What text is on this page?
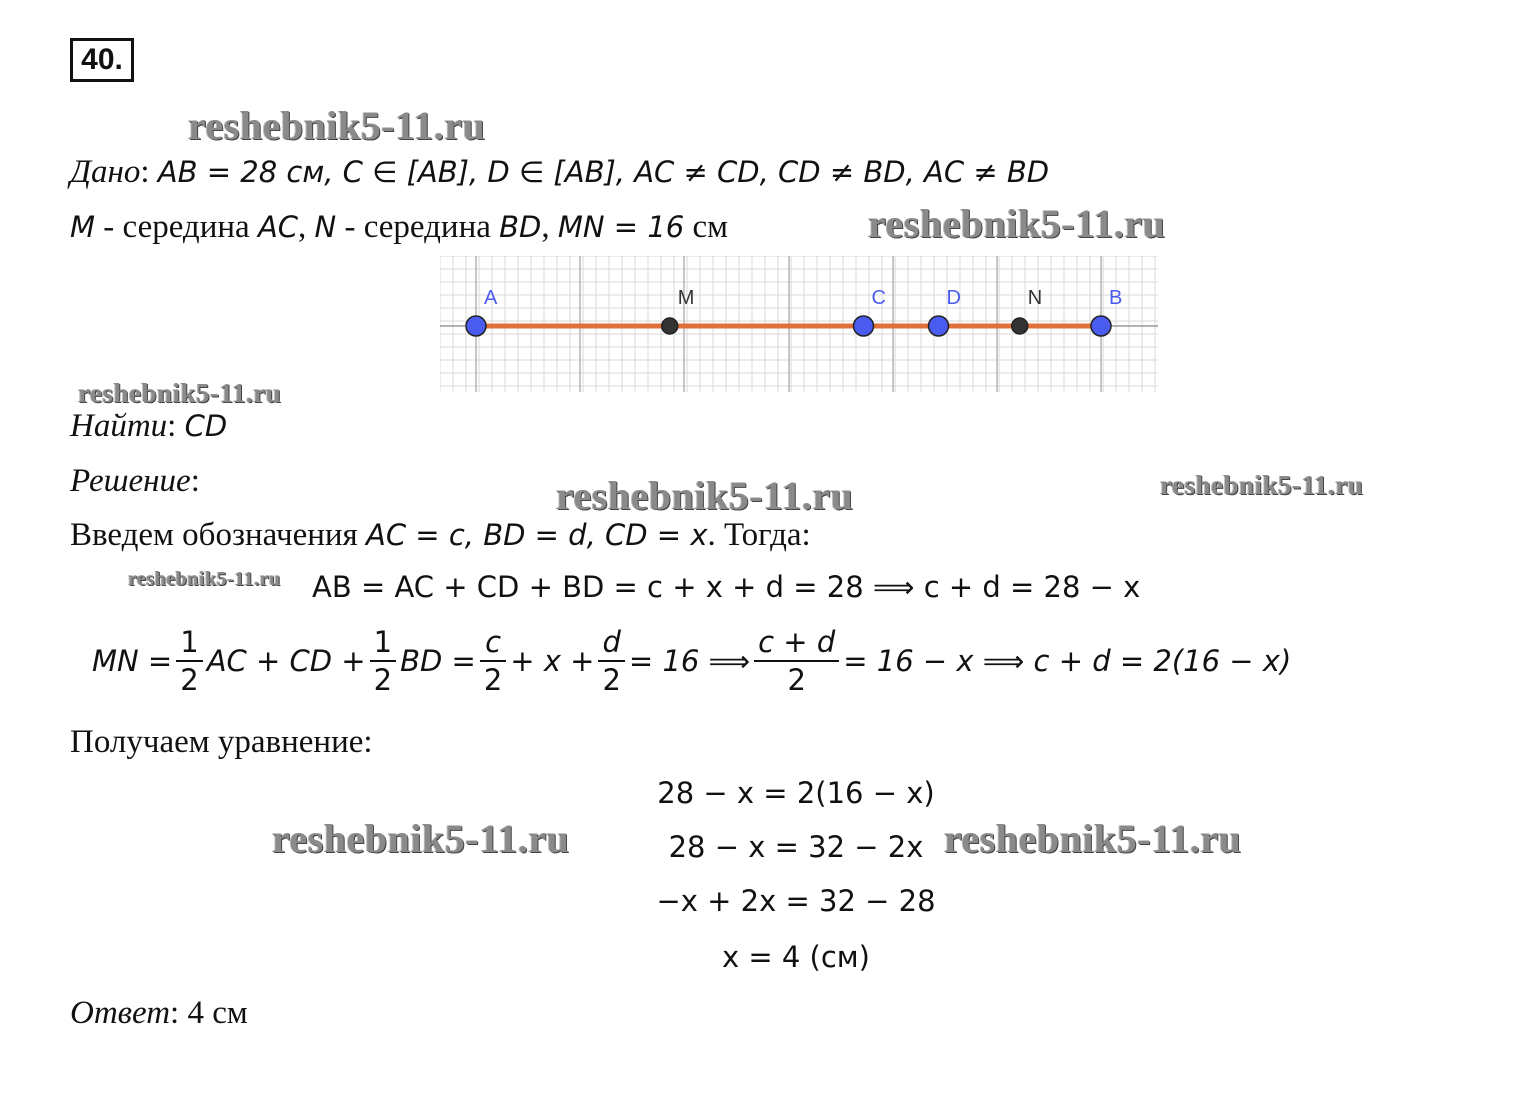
40.
reshebnik5-11.ru
Дано: AB = 28 см, C ∈ [AB], D ∈ [AB], AC ≠ CD, CD ≠ BD, AC ≠ BD
M - середина AC, N - середина BD, MN = 16 см	reshebnik5-11.ru
A	M	C	D	N	B
reshebnik5-11.ru
Найти: CD
Решение:	reshebnik5-11.ru	reshebnik5-11.ru
Введем обозначения AC = c, BD = d, CD = x. Тогда:
reshebnik5-11.ru AB = AC + CD + BD = c + x + d = 28 ⟹ c + d = 28 − x
MN = $\frac{1}{2}$ AC + CD + $\frac{1}{2}$ BD = $\frac{c}{2} + x + \frac{d}{2} = 16$ ⟹ $\frac{c + d}{2} = 16 - x$ ⟹ c + d = 2(16 − x)
Получаем уравнение:
28 − x = 2(16 − x)
reshebnik5-11.ru	28 − x = 32 − 2x reshebnik5-11.ru
−x + 2x = 32 − 28
x = 4 (см)
Ответ: 4 см
